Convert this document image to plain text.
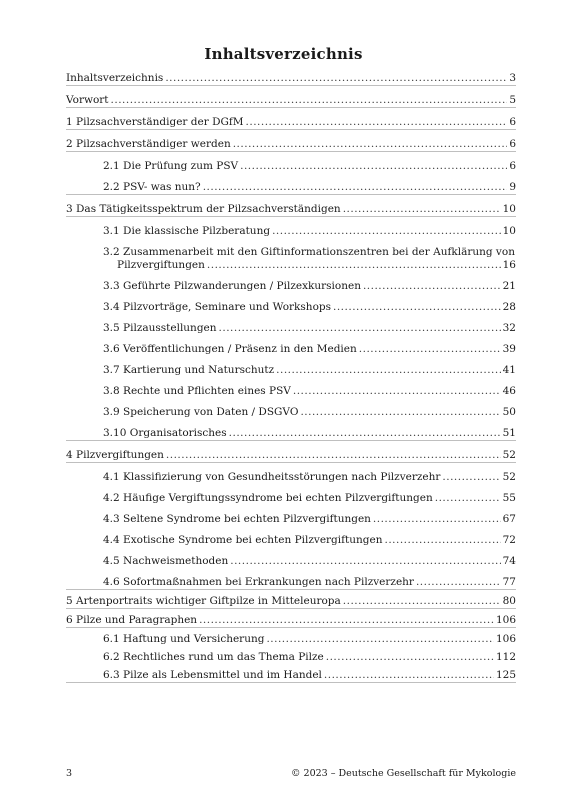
Inhaltsverzeichnis
Inhaltsverzeichnis .....	3
Vorwort .....	5
1 Pilzsachverständiger der DGfM .....	6
2 Pilzsachverständiger werden .....	6
2.1 Die Prüfung zum PSV .....	6
2.2 PSV- was nun? .....	9
3 Das Tätigkeitsspektrum der Pilzsachverständigen .....	10
3.1 Die klassische Pilzberatung .....	10
3.2 Zusammenarbeit mit den Giftinformationszentren bei der Aufklärung von
Pilzvergiftungen .....	16
3.3 Geführte Pilzwanderungen / Pilzexkursionen .....	21
3.4 Pilzvorträge, Seminare und Workshops .....	28
3.5 Pilzausstellungen .....	32
3.6 Veröffentlichungen / Präsenz in den Medien .....	39
3.7 Kartierung und Naturschutz .....	41
3.8 Rechte und Pflichten eines PSV .....	46
3.9 Speicherung von Daten / DSGVO .....	50
3.10 Organisatorisches .....	51
4 Pilzvergiftungen .....	52
4.1 Klassifizierung von Gesundheitsstörungen nach Pilzverzehr .....	52
4.2 Häufige Vergiftungssyndrome bei echten Pilzvergiftungen .....	55
4.3 Seltene Syndrome bei echten Pilzvergiftungen .....	67
4.4 Exotische Syndrome bei echten Pilzvergiftungen .....	72
4.5 Nachweismethoden .....	74
4.6 Sofortmaßnahmen bei Erkrankungen nach Pilzverzehr .....	77
5 Artenportraits wichtiger Giftpilze in Mitteleuropa .....	80
6 Pilze und Paragraphen .....	106
6.1 Haftung und Versicherung .....	106
6.2 Rechtliches rund um das Thema Pilze .....	112
6.3 Pilze als Lebensmittel und im Handel .....	125
3	© 2023 – Deutsche Gesellschaft für Mykologie
